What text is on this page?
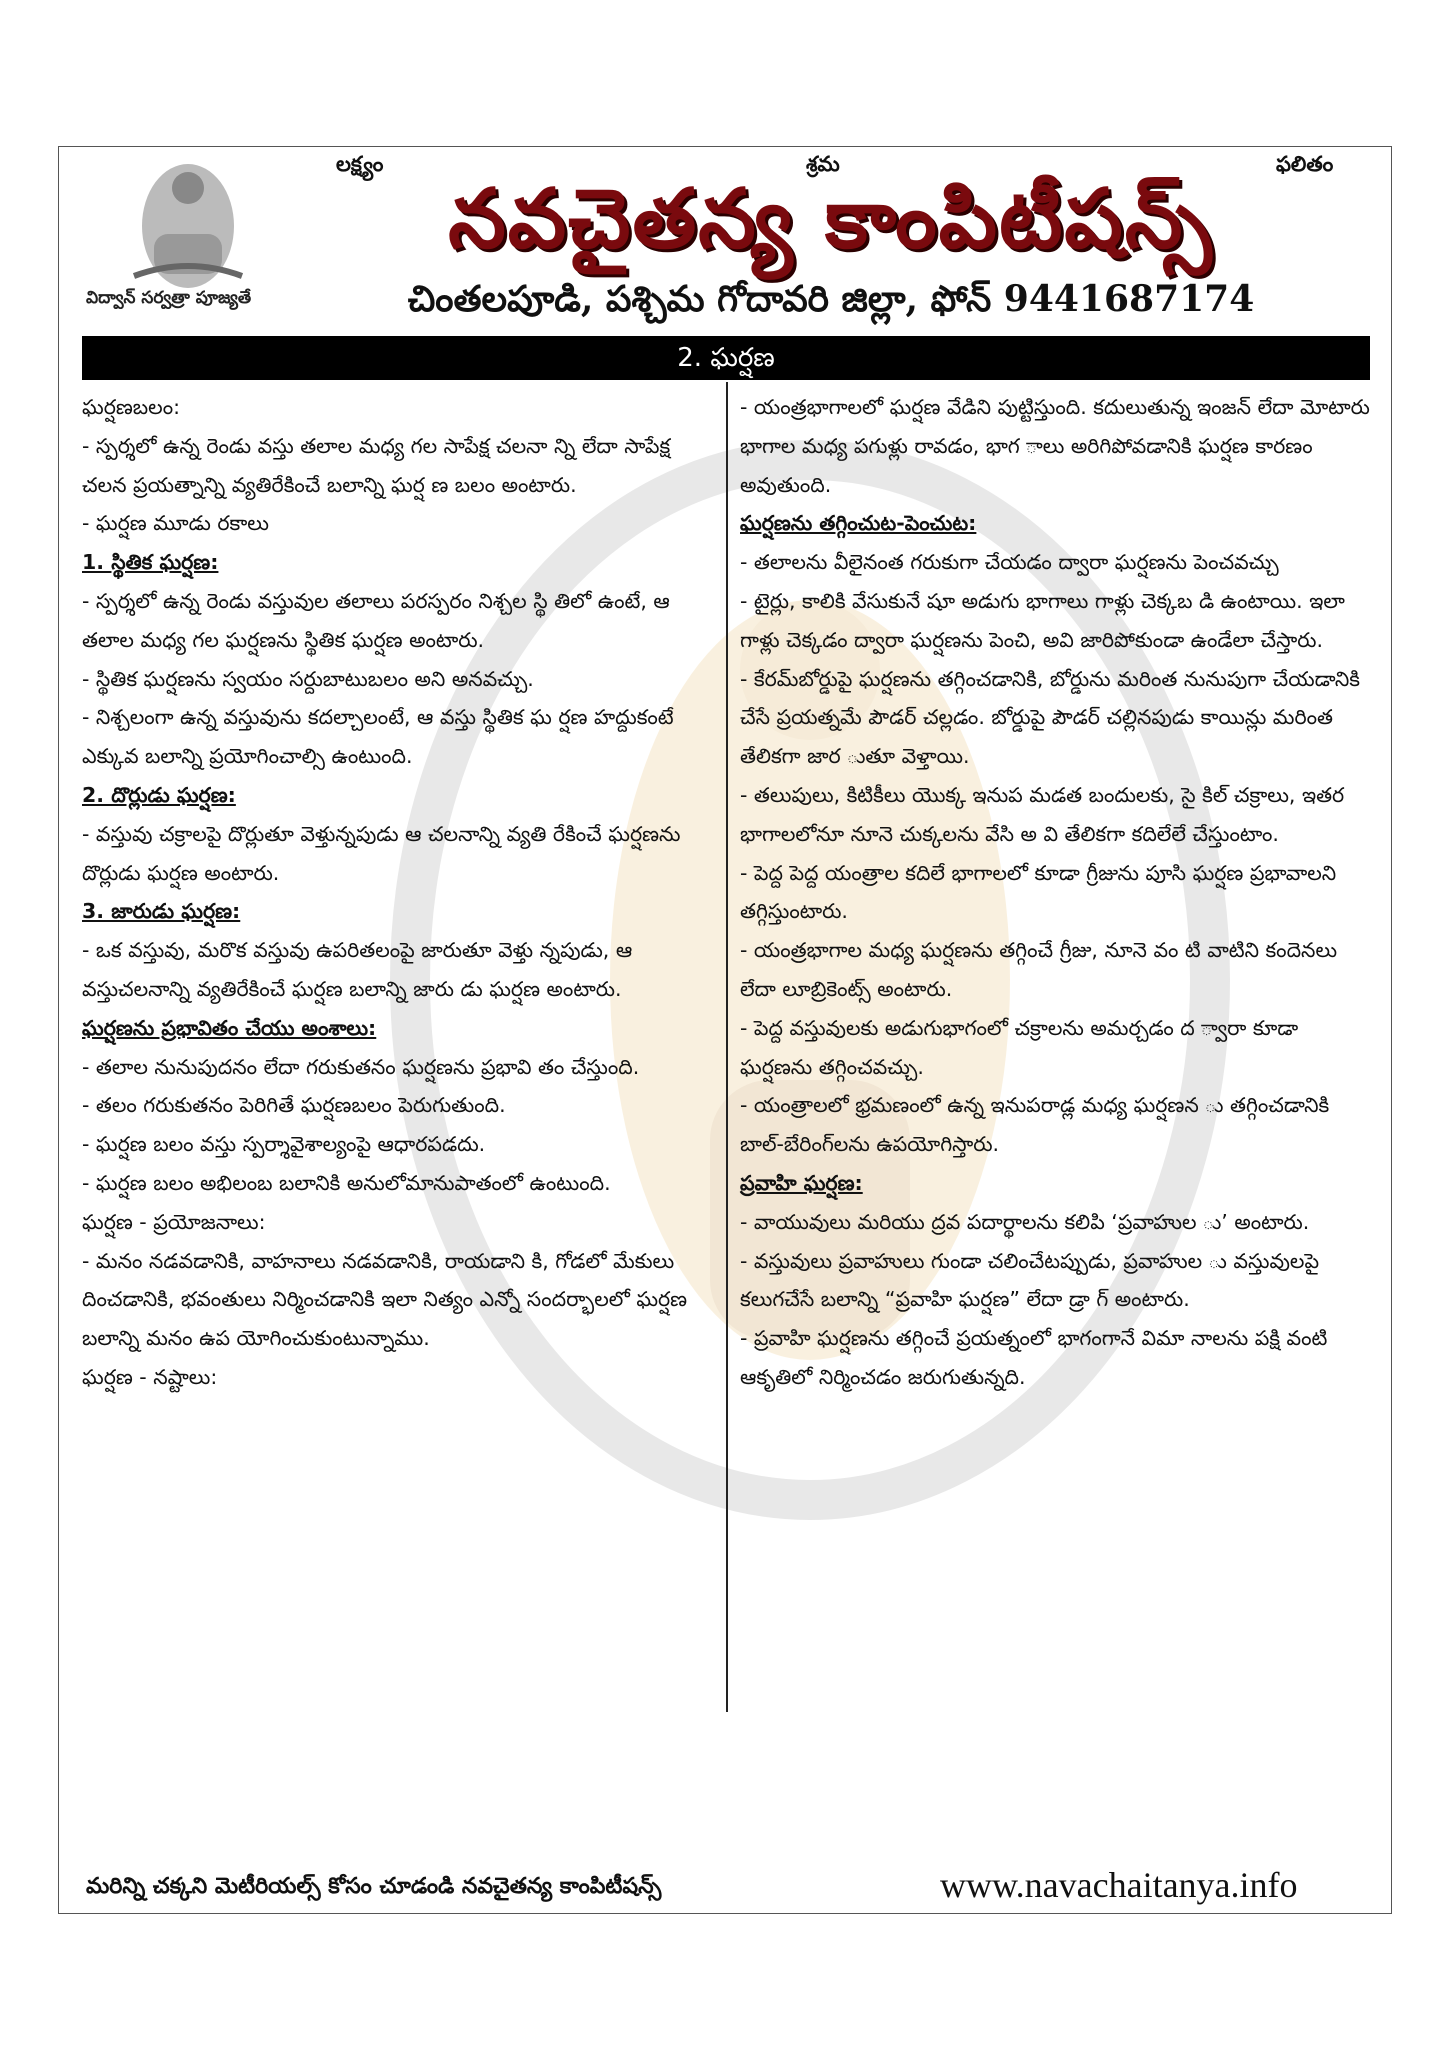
విద్వాన్ సర్వత్రా పూజ్యతే
లక్ష్యం	శ్రమ	ఫలితం
నవచైతన్య కాంపిటీషన్స్
చింతలపూడి, పశ్చిమ గోదావరి జిల్లా, ఫోన్ 9441687174
2. ఘర్షణ

ఘర్షణబలం:

- స్పర్శలో ఉన్న రెండు వస్తు తలాల మధ్య గల సాపేక్ష చలనా న్ని లేదా సాపేక్ష చలన ప్రయత్నాన్ని వ్యతిరేకించే బలాన్ని ఘర్ష ణ బలం అంటారు.

- ఘర్షణ మూడు రకాలు

1. స్థితిక ఘర్షణ:

- స్పర్శలో ఉన్న రెండు వస్తువుల తలాలు పరస్పరం నిశ్చల స్థి తిలో ఉంటే, ఆ తలాల మధ్య గల ఘర్షణను స్థితిక ఘర్షణ అంటారు.

- స్థితిక ఘర్షణను స్వయం సర్దుబాటుబలం అని అనవచ్చు.

- నిశ్చలంగా ఉన్న వస్తువును కదల్చాలంటే, ఆ వస్తు స్థితిక ఘ ర్షణ హద్దుకంటే ఎక్కువ బలాన్ని ప్రయోగించాల్సి ఉంటుంది.

2. దొర్లుడు ఘర్షణ:

- వస్తువు చక్రాలపై దొర్లుతూ వెళ్తున్నపుడు ఆ చలనాన్ని వ్యతి రేకించే ఘర్షణను దొర్లుడు ఘర్షణ అంటారు.

3. జారుడు ఘర్షణ:

- ఒక వస్తువు, మరొక వస్తువు ఉపరితలంపై జారుతూ వెళ్తు న్నపుడు, ఆ వస్తుచలనాన్ని వ్యతిరేకించే ఘర్షణ బలాన్ని జారు డు ఘర్షణ అంటారు.

ఘర్షణను ప్రభావితం చేయు అంశాలు:

- తలాల నునుపుదనం లేదా గరుకుతనం ఘర్షణను ప్రభావి తం చేస్తుంది.

- తలం గరుకుతనం పెరిగితే ఘర్షణబలం పెరుగుతుంది.

- ఘర్షణ బలం వస్తు స్పర్శావైశాల్యంపై ఆధారపడదు.

- ఘర్షణ బలం అభిలంబ బలానికి అనులోమానుపాతంలో ఉంటుంది.

ఘర్షణ - ప్రయోజనాలు:

- మనం నడవడానికి, వాహనాలు నడవడానికి, రాయడాని కి, గోడలో మేకులు దించడానికి, భవంతులు నిర్మించడానికి ఇలా నిత్యం ఎన్నో సందర్భాలలో ఘర్షణ బలాన్ని మనం ఉప యోగించుకుంటున్నాము.

ఘర్షణ - నష్టాలు:

- యంత్రభాగాలలో ఘర్షణ వేడిని పుట్టిస్తుంది. కదులుతున్న ఇంజన్ లేదా మోటారు భాగాల మధ్య పగుళ్లు రావడం, భాగ ాలు అరిగిపోవడానికి ఘర్షణ కారణం అవుతుంది.

ఘర్షణను తగ్గించుట-పెంచుట:

- తలాలను వీలైనంత గరుకుగా చేయడం ద్వారా ఘర్షణను పెంచవచ్చు

- టైర్లు, కాలికి వేసుకునే షూ అడుగు భాగాలు గాళ్లు చెక్కబ డి ఉంటాయి. ఇలా గాళ్లు చెక్కడం ద్వారా ఘర్షణను పెంచి, అవి జారిపోకుండా ఉండేలా చేస్తారు.

- కేరమ్‌బోర్డుపై ఘర్షణను తగ్గించడానికి, బోర్డును మరింత నునుపుగా చేయడానికి చేసే ప్రయత్నమే పౌడర్ చల్లడం. బోర్డుపై పౌడర్ చల్లినపుడు కాయిన్లు మరింత తేలికగా జార ుతూ వెళ్తాయి.

- తలుపులు, కిటికీలు యొక్క ఇనుప మడత బందులకు, సై కిల్ చక్రాలు, ఇతర భాగాలలోనూ నూనె చుక్కలను వేసి అ వి తేలికగా కదిలేలే చేస్తుంటాం.

- పెద్ద పెద్ద యంత్రాల కదిలే భాగాలలో కూడా గ్రీజును పూసి ఘర్షణ ప్రభావాలని తగ్గిస్తుంటారు.

- యంత్రభాగాల మధ్య ఘర్షణను తగ్గించే గ్రీజు, నూనె వం టి వాటిని కందెనలు లేదా లూబ్రికెంట్స్ అంటారు.

- పెద్ద వస్తువులకు అడుగుభాగంలో చక్రాలను అమర్చడం ద ్వారా కూడా ఘర్షణను తగ్గించవచ్చు.

- యంత్రాలలో భ్రమణంలో ఉన్న ఇనుపరాడ్ల మధ్య ఘర్షణన ు తగ్గించడానికి బాల్-బేరింగ్‌లను ఉపయోగిస్తారు.

ప్రవాహి ఘర్షణ:

- వాయువులు మరియు ద్రవ పదార్థాలను కలిపి ‘ప్రవాహుల ు’ అంటారు.

- వస్తువులు ప్రవాహులు గుండా చలించేటప్పుడు, ప్రవాహుల ు వస్తువులపై కలుగచేసే బలాన్ని “ప్రవాహి ఘర్షణ” లేదా డ్రా గ్ అంటారు.

- ప్రవాహి ఘర్షణను తగ్గించే ప్రయత్నంలో భాగంగానే విమా నాలను పక్షి వంటి ఆకృతిలో నిర్మించడం జరుగుతున్నది.

మరిన్ని చక్కని మెటీరియల్స్ కోసం చూడండి నవచైతన్య కాంపిటీషన్స్	www.navachaitanya.info
